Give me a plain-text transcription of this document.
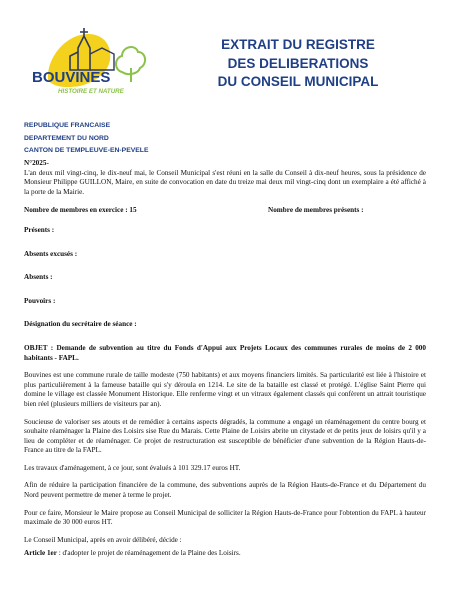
BOUVINES
HISTOIRE ET NATURE
EXTRAIT DU REGISTRE
DES DELIBERATIONS
DU CONSEIL MUNICIPAL
REPUBLIQUE FRANCAISE
DEPARTEMENT DU NORD
CANTON DE TEMPLEUVE-EN-PEVELE

N°2025-

L'an deux mil vingt-cinq, le dix-neuf mai, le Conseil Municipal s'est réuni en la salle du Conseil à dix-neuf heures, sous la présidence de Monsieur Philippe GUILLON, Maire, en suite de convocation en date du treize mai deux mil vingt-cinq dont un exemplaire a été affiché à la porte de la Mairie.

Nombre de membres en exercice : 15	Nombre de membres présents :

Présents :

Absents excusés :

Absents :

Pouvoirs :

Désignation du secrétaire de séance :

OBJET : Demande de subvention au titre du Fonds d'Appui aux Projets Locaux des communes rurales de moins de 2 000 habitants - FAPL.

Bouvines est une commune rurale de taille modeste (750 habitants) et aux moyens financiers limités. Sa particularité est liée à l'histoire et plus particulièrement à la fameuse bataille qui s'y déroula en 1214. Le site de la bataille est classé et protégé. L'église Saint Pierre qui domine le village est classée Monument Historique. Elle renferme vingt et un vitraux également classés qui confèrent un attrait touristique bien réel (plusieurs milliers de visiteurs par an).

Soucieuse de valoriser ses atouts et de remédier à certains aspects dégradés, la commune a engagé un réaménagement du centre bourg et souhaite réaménager la Plaine des Loisirs sise Rue du Marais. Cette Plaine de Loisirs abrite un citystade et de petits jeux de loisirs qu'il y a lieu de compléter et de réaménager. Ce projet de restructuration est susceptible de bénéficier d'une subvention de la Région Hauts-de-France au titre de la FAPL.

Les travaux d'aménagement, à ce jour, sont évalués à 101 329.17 euros HT.

Afin de réduire la participation financière de la commune, des subventions auprès de la Région Hauts-de-France et du Département du Nord peuvent permettre de mener à terme le projet.

Pour ce faire, Monsieur le Maire propose au Conseil Municipal de solliciter la Région Hauts-de-France pour l'obtention du FAPL à hauteur maximale de 30 000 euros HT.

Le Conseil Municipal, après en avoir délibéré, décide :

Article 1er : d'adopter le projet de réaménagement de la Plaine des Loisirs.
